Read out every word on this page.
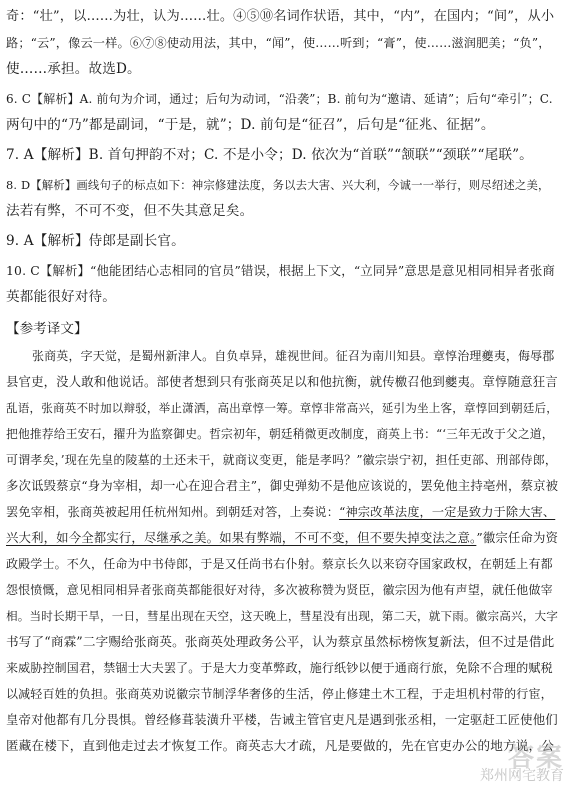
奇：“壮”，以……为壮，认为……壮。④⑤⑩名词作状语，其中，“内”，在国内；“间”，从小

路；“云”，像云一样。⑥⑦⑧使动用法，其中，“闻”，使……听到；“膏”，使……滋润肥美；“负”，

使……承担。故选D。

6. C【解析】A. 前句为介词，通过；后句为动词，“沿袭”；B. 前句为“邀请、延请”；后句“牵引”；C.

两句中的“乃”都是副词，“于是，就”；D. 前句是“征召”，后句是“征兆、征据”。

7. A【解析】B. 首句押韵不对；C. 不是小令；D. 依次为“首联”“颔联”“颈联”“尾联”。

8. D【解析】画线句子的标点如下：神宗修建法度，务以去大害、兴大利，今诚一一举行，则尽绍述之美，

法若有弊，不可不变，但不失其意足矣。

9. A【解析】侍郎是副长官。

10. C【解析】“他能团结心志相同的官员”错误，根据上下文，“立同异”意思是意见相同相异者张商

英都能很好对待。

【参考译文】

张商英，字天觉，是蜀州新津人。自负卓异，雄视世间。征召为南川知县。章惇治理夔夷，侮辱郡

县官吏，没人敢和他说话。部使者想到只有张商英足以和他抗衡，就传檄召他到夔夷。章惇随意狂言

乱语，张商英不时加以辩驳，举止潇洒，高出章惇一筹。章惇非常高兴，延引为坐上客，章惇回到朝廷后，

把他推荐给王安石，擢升为监察御史。哲宗初年，朝廷稍微更改制度，商英上书：“‘三年无改于父之道，

可谓孝矣，’现在先皇的陵墓的土还未干，就商议变更，能是孝吗？”徽宗崇宁初，担任吏部、刑部侍郎，

多次诋毁蔡京“身为宰相，却一心在迎合君主”，御史弹劾不是他应该说的，罢免他主持亳州，蔡京被

罢免宰相，张商英被起用任杭州知州。到朝廷对答，上奏说：“神宗改革法度，一定是致力于除大害、

兴大利，如今全都实行，尽继承之美。如果有弊端，不可不变，但不要失掉变法之意。”徽宗任命为资

政殿学士。不久，任命为中书侍郎，于是又任尚书右仆射。蔡京长久以来窃夺国家政权，在朝廷上有都

怨恨愤慨，意见相同相异者张商英都能很好对待，多次被称赞为贤臣，徽宗因为他有声望，就任他做宰

相。当时长期干旱，一日，彗星出现在天空，这天晚上，彗星没有出现，第二天，就下雨。徽宗高兴，大字

书写了“商霖”二字赐给张商英。张商英处理政务公平，认为蔡京虽然标榜恢复新法，但不过是借此

来威胁控制国君，禁锢士大夫罢了。于是大力变革弊政，施行纸钞以便于通商行旅，免除不合理的赋税

以减轻百姓的负担。张商英劝说徽宗节制浮华奢侈的生活，停止修建土木工程，于走坦机村带的行宦，

皇帝对他都有几分畏惧。曾经修葺装潢升平楼，告诫主管官吏凡是遇到张丞相，一定驱赶工匠使他们

匿藏在楼下，直到他走过去才恢复工作。商英志大才疏，凡是要做的，先在官吏办公的地方说，公

答案
郑州网宅教育
